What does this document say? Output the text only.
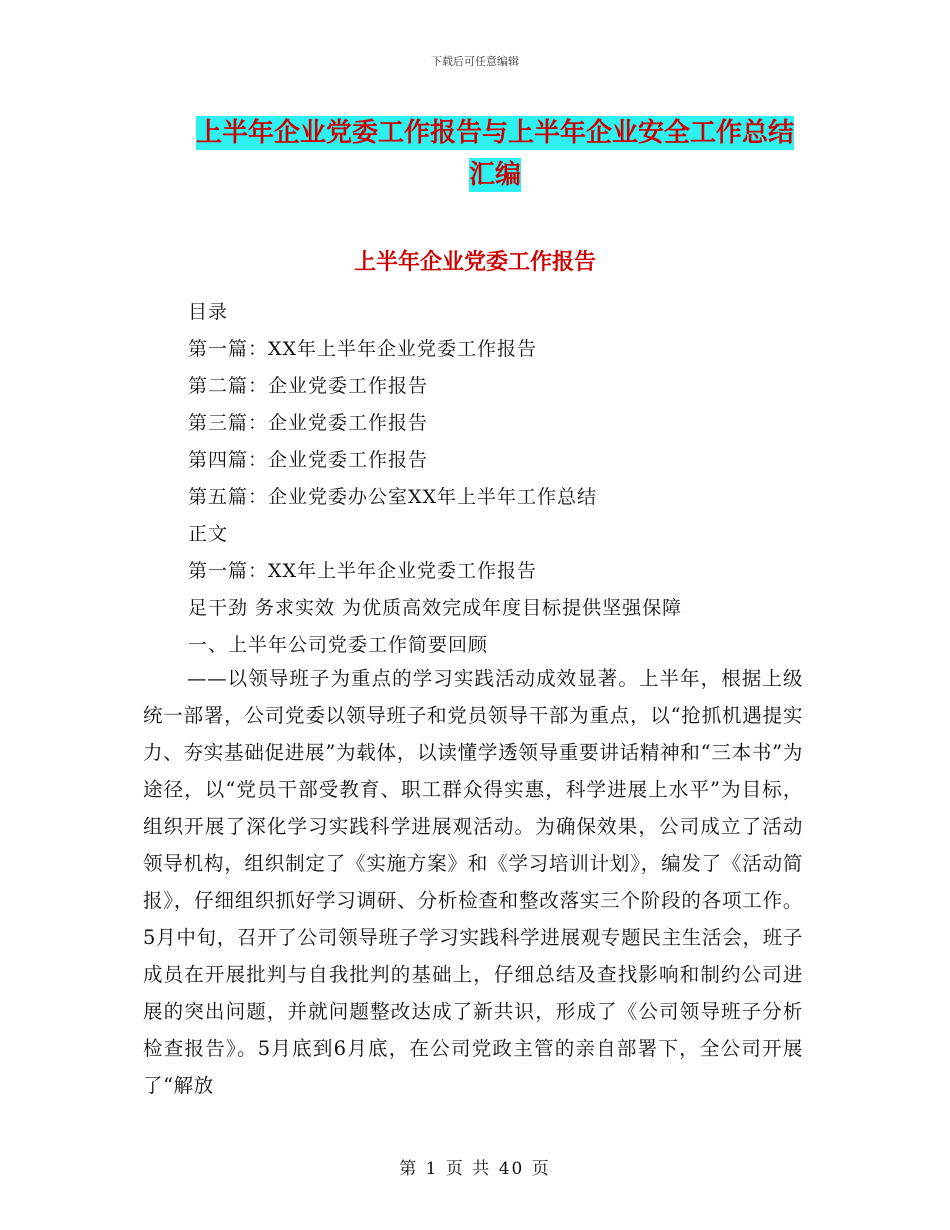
下载后可任意编辑
上半年企业党委工作报告与上半年企业安全工作总结
汇编
上半年企业党委工作报告
目录
第一篇：XX年上半年企业党委工作报告
第二篇：企业党委工作报告
第三篇：企业党委工作报告
第四篇：企业党委工作报告
第五篇：企业党委办公室XX年上半年工作总结
正文
第一篇：XX年上半年企业党委工作报告
足干劲 务求实效 为优质高效完成年度目标提供坚强保障
一、上半年公司党委工作简要回顾

——以领导班子为重点的学习实践活动成效显著。上半年，根据上级统一部署，公司党委以领导班子和党员领导干部为重点，以“抢抓机遇提实力、夯实基础促进展”为载体，以读懂学透领导重要讲话精神和“三本书”为途径，以“党员干部受教育、职工群众得实惠，科学进展上水平”为目标，组织开展了深化学习实践科学进展观活动。为确保效果，公司成立了活动领导机构，组织制定了《实施方案》和《学习培训计划》，编发了《活动简报》，仔细组织抓好学习调研、分析检查和整改落实三个阶段的各项工作。5月中旬，召开了公司领导班子学习实践科学进展观专题民主生活会，班子成员在开展批判与自我批判的基础上，仔细总结及查找影响和制约公司进展的突出问题，并就问题整改达成了新共识，形成了《公司领导班子分析检查报告》。5月底到6月底，在公司党政主管的亲自部署下，全公司开展了“解放

第 1 页 共 40 页
